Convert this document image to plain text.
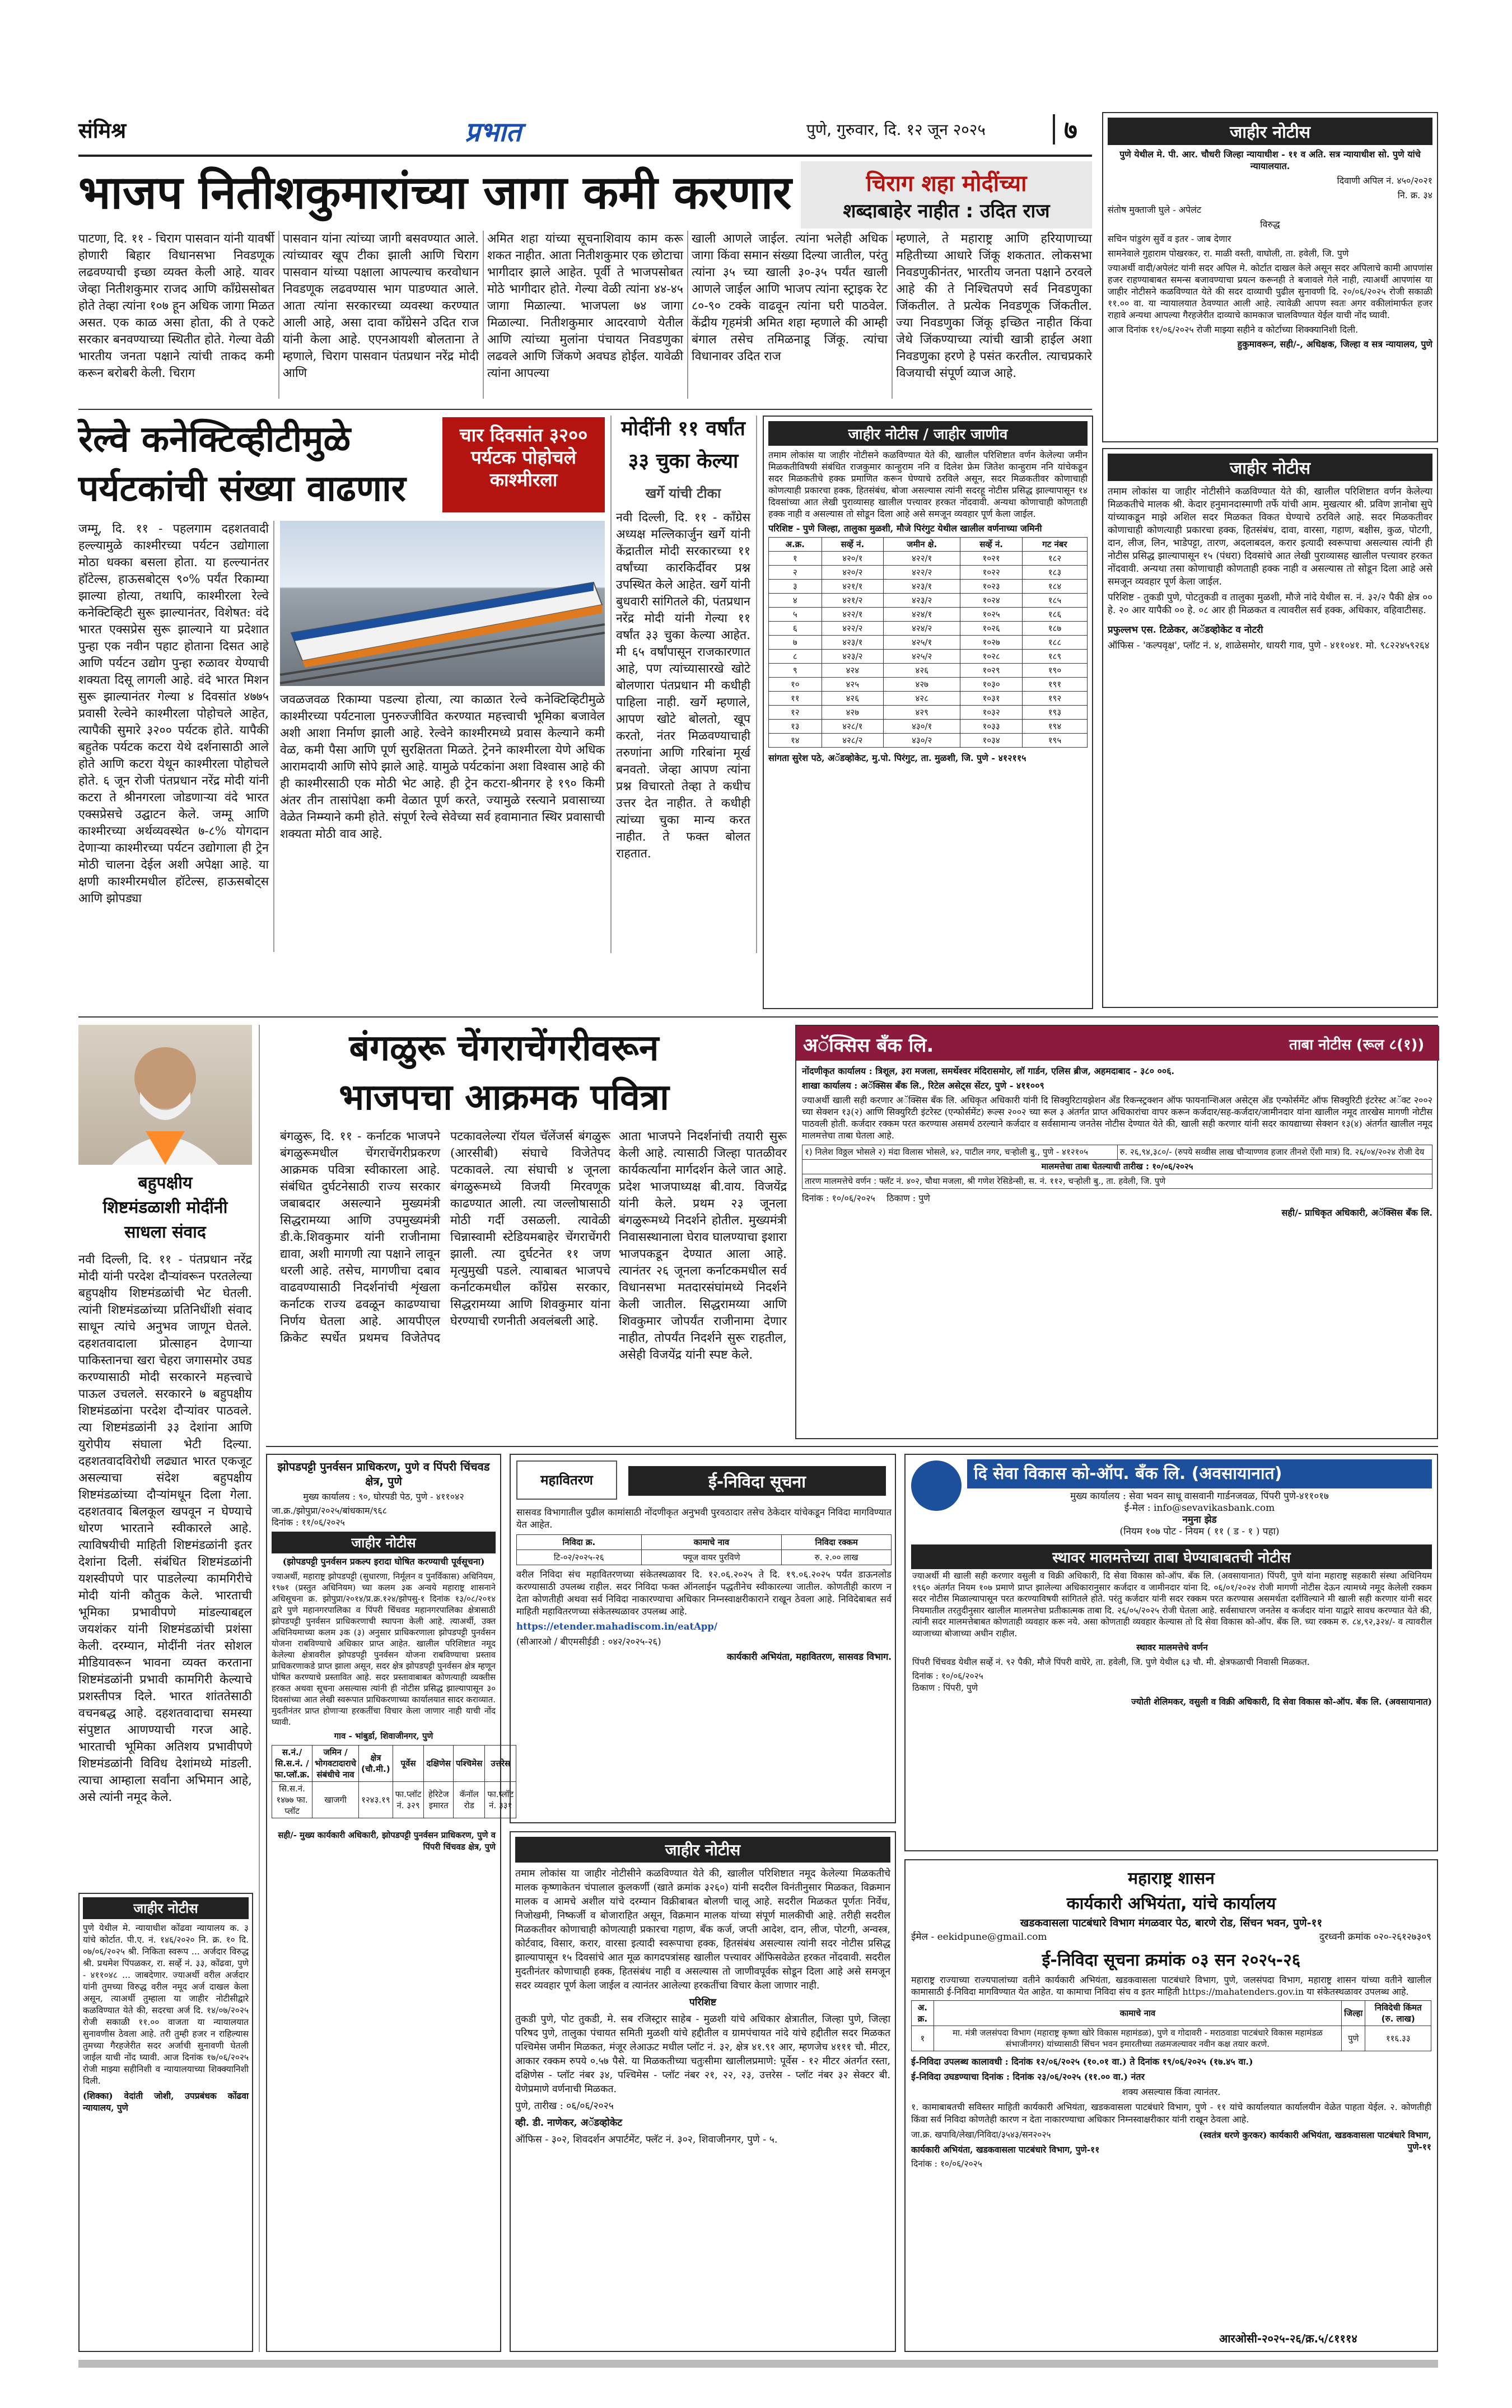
संमिश्र	प्रभात	पुणे, गुरुवार, दि. १२ जून २०२५	७
भाजप नितीशकुमारांच्या जागा कमी करणार	चिराग शहा मोदींच्या
शब्दाबाहेर नाहीत : उदित राज
पाटणा, दि. ११ - चिराग पासवान यांनी यावर्षी होणारी बिहार विधानसभा निवडणूक लढवण्याची इच्छा व्यक्त केली आहे. यावर जेव्हा नितीशकुमार राजद आणि काँग्रेससोबत होते तेव्हा त्यांना १०७ हून अधिक जागा मिळत असत. एक काळ असा होता, की ते एकटे सरकार बनवण्याच्या स्थितीत होते. गेल्या वेळी भारतीय जनता पक्षाने त्यांची ताकद कमी करून बरोबरी केली. चिराग
पासवान यांना त्यांच्या जागी बसवण्यात आले. त्यांच्यावर खूप टीका झाली आणि चिराग पासवान यांच्या पक्षाला आपल्याच करवोधान निवडणूक लढवण्यास भाग पाडण्यात आले. आता त्यांना सरकारच्या व्यवस्था करण्यात आली आहे, असा दावा काँग्रेसने उदित राज यांनी केला आहे. एएनआयशी बोलताना ते म्हणाले, चिराग पासवान पंतप्रधान नरेंद्र मोदी आणि
अमित शहा यांच्या सूचनाशिवाय काम करू शकत नाहीत. आता नितीशकुमार एक छोटाचा भागीदार झाले आहेत. पूर्वी ते भाजपसोबत मोठे भागीदार होते. गेल्या वेळी त्यांना ४४-४५ जागा मिळाल्या. भाजपला ७४ जागा मिळाल्या. नितीशकुमार आदरवाणे येतील आणि त्यांच्या मुलांना पंचायत निवडणुका लढवले आणि जिंकणे अवघड होईल. यावेळी त्यांना आपल्या
खाली आणले जाईल. त्यांना भलेही अधिक जागा किंवा समान संख्या दिल्या जातील, परंतु त्यांना ३५ च्या खाली ३०-३५ पर्यंत खाली आणले जाईल आणि भाजप त्यांना स्ट्राइक रेट ८०-९० टक्के वाढवून त्यांना घरी पाठवेल. केंद्रीय गृहमंत्री अमित शहा म्हणाले की आम्ही बंगाल तसेच तमिळनाडू जिंकू. त्यांचा विधानावर उदित राज
म्हणाले, ते महाराष्ट्र आणि हरियाणाच्या महितीच्या आधारे जिंकू शकतात. लोकसभा निवडणुकीनंतर, भारतीय जनता पक्षाने ठरवले आहे की ते निश्चितपणे सर्व निवडणुका जिंकतील. ते प्रत्येक निवडणूक जिंकतील. ज्या निवडणुका जिंकू इच्छित नाहीत किंवा जेथे जिंकण्याच्या त्यांची खात्री हाईल अशा निवडणुका हरणे हे पसंत करतील. त्याचप्रकारे विजयाची संपूर्ण व्याज आहे.
जाहीर नोटीस

पुणे येथील मे. पी. आर. चौधरी जिल्हा न्यायाधीश - ११ व अति. सत्र न्यायाधीश सो. पुणे यांचे न्यायालयात.

दिवाणी अपिल नं. ४५०/२०२१

नि. क्र. ३४

संतोष मुक्ताजी घुले - अपेलंट

विरुद्ध

सचिन पांडुरंग सुर्वे व इतर - जाब देणार

सामनेवाले गुहाराम पोखरकर, रा. माळी वस्ती, वाघोली, ता. हवेली, जि. पुणे

ज्याअर्थी वादी/अपेलंट यांनी सदर अपिल मे. कोर्टात दाखल केले असून सदर अपिलाचे कामी आपणांस हजर राहण्याबाबत समन्स बजावण्याचा प्रयत्न करूनही ते बजावले गेले नाही, त्याअर्थी आपणांस या जाहीर नोटीसने कळविण्यात येते की सदर दाव्याची पुढील सुनावणी दि. २०/०६/२०२५ रोजी सकाळी ११.०० वा. या न्यायालयात ठेवण्यात आली आहे. त्यावेळी आपण स्वतः अगर वकीलांमार्फत हजर राहावे अन्यथा आपल्या गैरहजेरीत दाव्याचे कामकाज चालविण्यात येईल याची नोंद घ्यावी.

आज दिनांक ११/०६/२०२५ रोजी माझ्या सहीने व कोर्टाच्या शिक्क्यानिशी दिली.

हुकुमावरून, सही/-, अधिक्षक, जिल्हा व सत्र न्यायालय, पुणे

रेल्वे कनेक्टिव्हीटीमुळे
पर्यटकांची संख्या वाढणार
चार दिवसांत ३२०० पर्यटक पोहोचले काश्मीरला
जम्मू, दि. ११ - पहलगाम दहशतवादी हल्ल्यामुळे काश्मीरच्या पर्यटन उद्योगाला मोठा धक्का बसला होता. या हल्ल्यानंतर हॉटेल्स, हाऊसबोट्स ९०% पर्यंत रिकाम्या झाल्या होत्या, तथापि, काश्मीरला रेल्वे कनेक्टिव्हिटी सुरू झाल्यानंतर, विशेषत: वंदे भारत एक्सप्रेस सुरू झाल्याने या प्रदेशात पुन्हा एक नवीन पहाट होताना दिसत आहे आणि पर्यटन उद्योग पुन्हा रुळावर येण्याची शक्यता दिसू लागली आहे. वंदे भारत मिशन सुरू झाल्यानंतर गेल्या ४ दिवसांत ४७७५ प्रवासी रेल्वेने काश्मीरला पोहोचले आहेत, त्यापैकी सुमारे ३२०० पर्यटक होते. यापैकी बहुतेक पर्यटक कटरा येथे दर्शनासाठी आले होते आणि कटरा येथून काश्मीरला पोहोचले होते. ६ जून रोजी पंतप्रधान नरेंद्र मोदी यांनी कटरा ते श्रीनगरला जोडणाऱ्या वंदे भारत एक्सप्रेसचे उद्घाटन केले. जम्मू आणि काश्मीरच्या अर्थव्यवस्थेत ७-८% योगदान देणाऱ्या काश्मीरच्या पर्यटन उद्योगाला ही ट्रेन मोठी चालना देईल अशी अपेक्षा आहे. या क्षणी काश्मीरमधील हॉटेल्स, हाऊसबोट्स आणि झोपड्या
जवळजवळ रिकाम्या पडल्या होत्या, त्या काळात रेल्वे कनेक्टिव्हिटीमुळे काश्मीरच्या पर्यटनाला पुनरुज्जीवित करण्यात महत्त्वाची भूमिका बजावेल अशी आशा निर्माण झाली आहे. रेल्वेने काश्मीरमध्ये प्रवास केल्याने कमी वेळ, कमी पैसा आणि पूर्ण सुरक्षितता मिळते. ट्रेनने काश्मीरला येणे अधिक आरामदायी आणि सोपे झाले आहे. यामुळे पर्यटकांना अशा विश्वास आहे की ही काश्मीरसाठी एक मोठी भेट आहे. ही ट्रेन कटरा-श्रीनगर हे १९० किमी अंतर तीन तासांपेक्षा कमी वेळात पूर्ण करते, ज्यामुळे रस्त्याने प्रवासाच्या वेळेत निम्म्याने कमी होते. संपूर्ण रेल्वे सेवेच्या सर्व हवामानात स्थिर प्रवासाची शक्यता मोठी वाव आहे.
मोदींनी ११ वर्षांत
३३ चुका केल्या
खर्गे यांची टीका
नवी दिल्ली, दि. ११ - काँग्रेस अध्यक्ष मल्लिकार्जुन खर्गे यांनी केंद्रातील मोदी सरकारच्या ११ वर्षांच्या कारकिर्दीवर प्रश्न उपस्थित केले आहेत. खर्गे यांनी बुधवारी सांगितले की, पंतप्रधान नरेंद्र मोदी यांनी गेल्या ११ वर्षांत ३३ चुका केल्या आहेत. मी ६५ वर्षांपासून राजकारणात आहे, पण त्यांच्यासारखे खोटे बोलणारा पंतप्रधान मी कधीही पाहिला नाही. खर्गे म्हणाले, आपण खोटे बोलतो, खूप करतो, नंतर मिळवण्याचाही तरुणांना आणि गरिबांना मूर्ख बनवतो. जेव्हा आपण त्यांना प्रश्न विचारतो तेव्हा ते कधीच उत्तर देत नाहीत. ते कधीही त्यांच्या चुका मान्य करत नाहीत. ते फक्त बोलत राहतात.
जाहीर नोटीस / जाहीर जाणीव

तमाम लोकांस या जाहीर नोटीसने कळविण्यात येते की, खालील परिशिष्टात वर्णन केलेल्या जमीन मिळकतीविषयी संबंधित राजकुमार कान्हुराम ननि व दिलेश फ्रेम जितेश कान्हुराम ननि यांचेकडून सदर मिळकतीचे हक्क प्रमाणित करून घेण्याचे ठरविले असून, सदर मिळकतीवर कोणाचाही कोणत्याही प्रकारचा हक्क, हितसंबंध, बोजा असल्यास त्यांनी सदरहू नोटीस प्रसिद्ध झाल्यापासून १४ दिवसांच्या आत लेखी पुराव्यासह खालील पत्त्यावर हरकत नोंदवावी. अन्यथा कोणाचाही कोणताही हक्क नाही व असल्यास तो सोडून दिला आहे असे समजून व्यवहार पूर्ण केला जाईल.

परिशिष्ट - पुणे जिल्हा, तालुका मुळशी, मौजे पिरंगुट येथील खालील वर्णनाच्या जमिनी

अ.क्र.	सर्व्हे नं.	जमीन क्षे.	सर्व्हे नं.	गट नंबर
१	४२०/१	४२२/१	१०२१	१८२
२	४२०/२	४२२/२	१०२२	१८३
३	४२१/१	४२३/१	१०२३	१८४
४	४२१/२	४२३/२	१०२४	१८५
५	४२२/१	४२४/१	१०२५	१८६
६	४२२/२	४२४/२	१०२६	१८७
७	४२३/१	४२५/१	१०२७	१८८
८	४२३/२	४२५/२	१०२८	१८९
९	४२४	४२६	१०२९	१९०
१०	४२५	४२७	१०३०	१९१
११	४२६	४२८	१०३१	१९२
१२	४२७	४२९	१०३२	१९३
१३	४२८/१	४३०/१	१०३३	१९४
१४	४२८/२	४३०/२	१०३४	१९५

सांगता सुरेश पठे, अॅडव्होकेट, मु.पो. पिरंगुट, ता. मुळशी, जि. पुणे - ४१२११५

जाहीर नोटीस

तमाम लोकांस या जाहीर नोटीसीने कळविण्यात येते की, खालील परिशिष्टात वर्णन केलेल्या मिळकतीचे मालक श्री. केदार हनुमानदास्माणी तर्फे यांची आम. मुखत्यार श्री. प्रविण ज्ञानोबा सुपे यांच्याकडून माझे अशिल सदर मिळकत विकत घेण्याचे ठरविले आहे. सदर मिळकतीवर कोणाचाही कोणत्याही प्रकारचा हक्क, हितसंबंध, दावा, वारसा, गहाण, बक्षीस, कुळ, पोटगी, दान, लीज, लिन, भाडेपट्टा, तारण, अदलाबदल, करार इत्यादी स्वरूपाचा असल्यास त्यांनी ही नोटीस प्रसिद्ध झाल्यापासून १५ (पंधरा) दिवसांचे आत लेखी पुराव्यासह खालील पत्त्यावर हरकत नोंदवावी. अन्यथा तसा कोणाचाही कोणताही हक्क नाही व असल्यास तो सोडून दिला आहे असे समजून व्यवहार पूर्ण केला जाईल.

परिशिष्ट - तुकडी पुणे, पोटतुकडी व तालुका मुळशी, मौजे नांदे येथील स. नं. ३२/२ पैकी क्षेत्र ०० हे. २० आर यापैकी ०० हे. ०८ आर ही मिळकत व त्यावरील सर्व हक्क, अधिकार, वहिवाटीसह.

प्रफुल्लभ एस. टिळेकर, अॅडव्होकेट व नोटरी

ऑफिस - 'कल्पवृक्ष', प्लॉट नं. ४, शाळेसमोर, धायरी गाव, पुणे - ४११०४१. मो. ९८२२४५९२६४

बंगळुरू चेंगराचेंगरीवरून
भाजपचा आक्रमक पवित्रा
बंगळुरू, दि. ११ - कर्नाटक भाजपने बंगळुरूमधील चेंगराचेंगरीप्रकरण आक्रमक पवित्रा स्वीकारला आहे. संबंधित दुर्घटनेसाठी राज्य सरकार जबाबदार असल्याने मुख्यमंत्री सिद्धरामय्या आणि उपमुख्यमंत्री डी.के.शिवकुमार यांनी राजीनामा द्यावा, अशी मागणी त्या पक्षाने लावून धरली आहे. तसेच, मागणीचा दबाव वाढवण्यासाठी निदर्शनांची शृंखला कर्नाटक राज्य ढवळून काढण्याचा निर्णय घेतला आहे. आयपीएल क्रिकेट स्पर्धेत प्रथमच विजेतेपद पटकावलेल्या रॉयल चॅलेंजर्स बंगळुरू (आरसीबी) संघाचे विजेतेपद पटकावले. त्या संघाची ४ जूनला बंगळुरूमध्ये विजयी मिरवणूक काढण्यात आली. त्या जल्लोषासाठी मोठी गर्दी उसळली. त्यावेळी चिन्नास्वामी स्टेडियमबाहेर चेंगराचेंगरी झाली. त्या दुर्घटनेत ११ जण मृत्युमुखी पडले. त्याबाबत भाजपचे कर्नाटकमधील काँग्रेस सरकार, सिद्धरामय्या आणि शिवकुमार यांना घेरण्याची रणनीती अवलंबली आहे.
आता भाजपने निदर्शनांची तयारी सुरू केली आहे. त्यासाठी जिल्हा पातळीवर कार्यकर्त्यांना मार्गदर्शन केले जात आहे. प्रदेश भाजपाध्यक्ष बी.वाय. विजयेंद्र यांनी केले. प्रथम २३ जूनला बंगळुरूमध्ये निदर्शने होतील. मुख्यमंत्री निवासस्थानाला घेराव घालण्याचा इशारा भाजपकडून देण्यात आला आहे. त्यानंतर २६ जूनला कर्नाटकमधील सर्व विधानसभा मतदारसंघांमध्ये निदर्शने केली जातील. सिद्धरामय्या आणि शिवकुमार जोपर्यंत राजीनामा देणार नाहीत, तोपर्यंत निदर्शने सुरू राहतील, असेही विजयेंद्र यांनी स्पष्ट केले.
बहुपक्षीय
शिष्टमंडळाशी मोदींनी
साधला संवाद
नवी दिल्ली, दि. ११ - पंतप्रधान नरेंद्र मोदी यांनी परदेश दौऱ्यांवरून परतलेल्या बहुपक्षीय शिष्टमंडळांची भेट घेतली. त्यांनी शिष्टमंडळांच्या प्रतिनिधींशी संवाद साधून त्यांचे अनुभव जाणून घेतले. दहशतवादाला प्रोत्साहन देणाऱ्या पाकिस्तानचा खरा चेहरा जगासमोर उघड करण्यासाठी मोदी सरकारने महत्त्वाचे पाऊल उचलले. सरकारने ७ बहुपक्षीय शिष्टमंडळांना परदेश दौऱ्यांवर पाठवले. त्या शिष्टमंडळांनी ३३ देशांना आणि युरोपीय संघाला भेटी दिल्या. दहशतवादविरोधी लढ्यात भारत एकजूट असल्याचा संदेश बहुपक्षीय शिष्टमंडळांच्या दौऱ्यांमधून दिला गेला. दहशतवाद बिलकूल खपवून न घेण्याचे धोरण भारताने स्वीकारले आहे. त्याविषयीची माहिती शिष्टमंडळांनी इतर देशांना दिली. संबंधित शिष्टमंडळांनी यशस्वीपणे पार पाडलेल्या कामगिरीचे मोदी यांनी कौतुक केले. भारताची भूमिका प्रभावीपणे मांडल्याबद्दल जयशंकर यांनी शिष्टमंडळांची प्रशंसा केली. दरम्यान, मोदींनी नंतर सोशल मीडियावरून भावना व्यक्त करताना शिष्टमंडळांनी प्रभावी कामगिरी केल्याचे प्रशस्तीपत्र दिले. भारत शांततेसाठी वचनबद्ध आहे. दहशतवादाचा समस्या संपुष्टात आणण्याची गरज आहे. भारताची भूमिका अतिशय प्रभावीपणे शिष्टमंडळांनी विविध देशांमध्ये मांडली. त्याचा आम्हाला सर्वांना अभिमान आहे, असे त्यांनी नमूद केले.
जाहीर नोटीस

पुणे येथील मे. न्यायाधीश कोंढवा न्यायालय क. ३ यांचे कोर्टात. पी.ए. नं. १४६/२०२० नि. क्र. १० दि. ०७/०६/२०२५ श्री. निकिता स्वरूप ... अर्जदार विरुद्ध श्री. प्रथमेश पिंपळकर, रा. सर्व्हे नं. ३३, कोंढवा, पुणे - ४११०४८ ... जाबदेणार. ज्याअर्थी वरील अर्जदार यांनी तुमच्या विरुद्ध वरील नमूद अर्ज दाखल केला असून, त्याअर्थी तुम्हाला या जाहीर नोटीसीद्वारे कळविण्यात येते की, सदरचा अर्ज दि. १४/०७/२०२५ रोजी सकाळी ११.०० वाजता या न्यायालयात सुनावणीस ठेवला आहे. तरी तुम्ही हजर न राहिल्यास तुमच्या गैरहजेरीत सदर अर्जाची सुनावणी घेतली जाईल याची नोंद घ्यावी. आज दिनांक १७/०६/२०२५ रोजी माझ्या सहीनिशी व न्यायालयाच्या शिक्क्यानिशी दिली.

(शिक्का) वेदांती जोशी, उपप्रबंधक कोंढवा न्यायालय, पुणे

अॅक्सिस बँक लि.	ताबा नोटीस (रूल ८(१))

नोंदणीकृत कार्यालय : त्रिशूल, ३रा मजला, समर्थेश्वर मंदिरासमोर, लॉ गार्डन, एलिस ब्रीज, अहमदाबाद - ३८० ००६.

शाखा कार्यालय : अॅक्सिस बँक लि., रिटेल असेट्स सेंटर, पुणे - ४११००९

ज्याअर्थी खाली सही करणार अॅक्सिस बँक लि. अधिकृत अधिकारी यांनी दि सिक्युरिटायझेशन अँड रिकन्स्ट्रक्शन ऑफ फायनान्शिअल असेट्स अँड एन्फोर्समेंट ऑफ सिक्युरिटी इंटरेस्ट अॅक्ट २००२ च्या सेक्शन १३(२) आणि सिक्युरिटी इंटरेस्ट (एन्फोर्समेंट) रूल्स २००२ च्या रूल ३ अंतर्गत प्राप्त अधिकारांचा वापर करून कर्जदार/सह-कर्जदार/जामीनदार यांना खालील नमूद तारखेस मागणी नोटीस पाठवली होती. कर्जदार रक्कम परत करण्यास असमर्थ ठरल्याने कर्जदार व सर्वसामान्य जनतेस नोटीस देण्यात येते की, खाली सही करणार यांनी सदर कायद्याच्या सेक्शन १३(४) अंतर्गत खालील नमूद मालमत्तेचा ताबा घेतला आहे.

१) निलेश विठ्ठल भोसले २) मंदा विलास भोसले, ४२, पाटील नगर, चऱ्होली बु., पुणे - ४१२१०५	रु. २६,९४,३८०/- (रुपये सव्वीस लाख चौऱ्याण्णव हजार तीनशे ऐंशी मात्र) दि. २६/०४/२०२४ रोजी देय
मालमत्तेचा ताबा घेतल्याची तारीख : १०/०६/२०२५
तारण मालमत्तेचे वर्णन : फ्लॅट नं. ४०२, चौथा मजला, श्री गणेश रेसिडेन्सी, स. नं. ११२, चऱ्होली बु., ता. हवेली, जि. पुणे

दिनांक : १०/०६/२०२५ ठिकाण : पुणे

सही/- प्राधिकृत अधिकारी, अॅक्सिस बँक लि.

झोपडपट्टी पुनर्वसन प्राधिकरण, पुणे व पिंपरी चिंचवड क्षेत्र, पुणे
मुख्य कार्यालय : ९०, घोरपडी पेठ, पुणे - ४११०४२
जा.क्र./झोपुप्रा/२०२५/बांधकाम/९६८
दिनांक : ११/०६/२०२५
जाहीर नोटीस
(झोपडपट्टी पुनर्वसन प्रकल्प इरादा घोषित करण्याची पूर्वसूचना)

ज्याअर्थी, महाराष्ट्र झोपडपट्टी (सुधारणा, निर्मूलन व पुनर्विकास) अधिनियम, १९७१ (प्रस्तुत अधिनियम) च्या कलम ३क अन्वये महाराष्ट्र शासनाने अधिसूचना क्र. झोपुप्रा/२०१४/प्र.क्र.१२४/झोपसु-१ दिनांक १३/०८/२०१४ द्वारे पुणे महानगरपालिका व पिंपरी चिंचवड महानगरपालिका क्षेत्रासाठी झोपडपट्टी पुनर्वसन प्राधिकरणाची स्थापना केली आहे. त्याअर्थी, उक्त अधिनियमाच्या कलम ३क (३) अनुसार प्राधिकरणाला झोपडपट्टी पुनर्वसन योजना राबविण्याचे अधिकार प्राप्त आहेत. खालील परिशिष्टात नमूद केलेल्या क्षेत्रावरील झोपडपट्टी पुनर्वसन योजना राबविण्याचा प्रस्ताव प्राधिकरणाकडे प्राप्त झाला असून, सदर क्षेत्र झोपडपट्टी पुनर्वसन क्षेत्र म्हणून घोषित करण्याचे प्रस्तावित आहे. सदर प्रस्तावाबाबत कोणत्याही व्यक्तीस हरकत अथवा सूचना असल्यास त्यांनी ही नोटीस प्रसिद्ध झाल्यापासून ३० दिवसांच्या आत लेखी स्वरूपात प्राधिकरणाच्या कार्यालयात सादर कराव्यात. मुदतीनंतर प्राप्त होणाऱ्या हरकतींचा विचार केला जाणार नाही याची नोंद घ्यावी.

गाव - भांबुर्डा, शिवाजीनगर, पुणे

स.नं./ सि.स.नं. / फा.प्लॉ.क्र.	जमिन / भोगवटादाराचे संबंधीचे नाव	क्षेत्र (चौ.मी.)	पूर्वेस	दक्षिणेस	पश्चिमेस	उत्तरेस
सि.स.नं. १४७७ फा. प्लॉट	खाजगी	१२४३.१९	फा.प्लॉट नं. ३२९	हेरिटेज इमारत	कॅनॉल रोड	फा.प्लॉट नं. ३३१

सही/- मुख्य कार्यकारी अधिकारी, झोपडपट्टी पुनर्वसन प्राधिकरण, पुणे व पिंपरी चिंचवड क्षेत्र, पुणे

महावितरण	ई-निविदा सूचना

सासवड विभागातील पुढील कामांसाठी नोंदणीकृत अनुभवी पुरवठादार तसेच ठेकेदार यांचेकडून निविदा मागविण्यात येत आहेत.

निविदा क्र.	कामाचे नाव	निविदा रक्कम
टि-०२/२०२५-२६	फ्यूज वायर पुरविणे	रु. २.०० लाख

वरील निविदा संच महावितरणच्या संकेतस्थळावर दि. १२.०६.२०२५ ते दि. १९.०६.२०२५ पर्यंत डाऊनलोड करण्यासाठी उपलब्ध राहील. सदर निविदा फक्त ऑनलाईन पद्धतीनेच स्वीकारल्या जातील. कोणतीही कारण न देता कोणतीही अथवा सर्व निविदा नाकारण्याचा अधिकार निम्नस्वाक्षरीकाराने राखून ठेवला आहे. निविदेबाबत सर्व माहिती महावितरणच्या संकेतस्थळावर उपलब्ध आहे.

https://etender.mahadiscom.in/eatApp/

(सीआरओ / बीएमसीईडी : ०४२/२०२५-२६)

कार्यकारी अभियंता, महावितरण, सासवड विभाग.

जाहीर नोटीस

तमाम लोकांस या जाहीर नोटीसीने कळविण्यात येते की, खालील परिशिष्टात नमूद केलेल्या मिळकतीचे मालक कृष्णाकेतन चंपालाल कुलकर्णी (खाते क्रमांक ३२६०) यांनी सदरील विनंतीनुसार मिळकत, विक्रमान मालक व आमचे अशील यांचे दरम्यान विक्रीबाबत बोलणी चालू आहे. सदरील मिळकत पूर्णतः निर्वेध, निजोखमी, निष्कर्जी व बोजाराहित असून, विक्रमान मालक यांच्या संपूर्ण मालकीची आहे. तरीही सदरील मिळकतीवर कोणाचाही कोणत्याही प्रकारचा गहाण, बँक कर्ज, जप्ती आदेश, दान, लीज, पोटगी, अन्वस्त्र, कोर्टवाद, विसार, करार, वारसा इत्यादी स्वरूपाचा हक्क, हितसंबंध असल्यास त्यांनी सदर नोटीस प्रसिद्ध झाल्यापासून १५ दिवसांचे आत मूळ कागदपत्रांसह खालील पत्त्यावर ऑफिसवेळेत हरकत नोंदवावी. सदरील मुदतीनंतर कोणाचाही हक्क, हितसंबंध नाही व असल्यास तो जाणीवपूर्वक सोडून दिला आहे असे समजून सदर व्यवहार पूर्ण केला जाईल व त्यानंतर आलेल्या हरकतींचा विचार केला जाणार नाही.

परिशिष्ट

तुकडी पुणे, पोट तुकडी, मे. सब रजिस्ट्रार साहेब - मुळशी यांचे अधिकार क्षेत्रातील, जिल्हा पुणे, जिल्हा परिषद पुणे, तालुका पंचायत समिती मुळशी यांचे हद्दीतील व ग्रामपंचायत नांदे यांचे हद्दीतील सदर मिळकत पश्चिमेस जमीन मिळकत, मंजूर लेआऊट मधील प्लॉट नं. ३२, क्षेत्र ४१.९१ आर, म्हणजेच ४१११ चौ. मीटर, आकार रक्कम रुपये ०.५७ पैसे. या मिळकतीच्या चतुःसीमा खालीलप्रमाणे: पूर्वेस - १२ मीटर अंतर्गत रस्ता, दक्षिणेस - प्लॉट नंबर ३४, पश्चिमेस - प्लॉट नंबर २१, २२, २३, उत्तरेस - प्लॉट नंबर ३२ सेक्टर बी. येणेप्रमाणे वर्णनाची मिळकत.

पुणे, तारीख : ०६/०६/२०२५

व्ही. डी. नाणेकर, अॅडव्होकेट

ऑफिस - ३०२, शिवदर्शन अपार्टमेंट, फ्लॅट नं. ३०२, शिवाजीनगर, पुणे - ५.

दि सेवा विकास को-ऑप. बँक लि. (अवसायानात)
मुख्य कार्यालय : सेवा भवन साधू वासवानी गार्डनजवळ, पिंपरी पुणे-४११०१७
ई-मेल : info@sevavikasbank.com
नमुना झेड
(नियम १०७ पोट - नियम ( ११ ( ड - १ ) पहा)
स्थावर मालमत्तेच्या ताबा घेण्याबाबतची नोटीस

ज्याअर्थी मी खाली सही करणार वसुली व विक्री अधिकारी, दि सेवा विकास को-ऑप. बँक लि. (अवसायानात) पिंपरी, पुणे यांना महाराष्ट्र सहकारी संस्था अधिनियम १९६० अंतर्गत नियम १०७ प्रमाणे प्राप्त झालेल्या अधिकारानुसार कर्जदार व जामीनदार यांना दि. ०६/०१/२०२४ रोजी मागणी नोटीस देऊन त्यामध्ये नमूद केलेली रक्कम सदर नोटीस मिळाल्यापासून परत करण्याविषयी सांगितले होते. परंतु कर्जदार यांनी सदर रक्कम परत करण्यास असमर्थता दर्शविल्याने मी खाली सही करणार यांनी सदर नियमातील तरतुदीनुसार खालील मालमत्तेचा प्रतीकात्मक ताबा दि. २६/०५/२०२५ रोजी घेतला आहे. सर्वसाधारण जनतेस व कर्जदार यांना याद्वारे सावध करण्यात येते की, त्यांनी सदर मालमत्तेबाबत कोणताही व्यवहार करू नये. असा कोणताही व्यवहार केल्यास तो दि सेवा विकास को-ऑप. बँक लि. च्या रक्कम रु. ८४,९२,३२४/- व त्यावरील व्याजाच्या बोजाच्या अधीन राहील.

स्थावर मालमत्तेचे वर्णन

पिंपरी चिंचवड येथील सर्व्हे नं. ९२ पैकी, मौजे पिंपरी वाघेरे, ता. हवेली, जि. पुणे येथील ६३ चौ. मी. क्षेत्रफळाची निवासी मिळकत.

दिनांक : १०/०६/२०२५
ठिकाण : पिंपरी, पुणे

ज्योती शेलिमकर, वसुली व विक्री अधिकारी, दि सेवा विकास को-ऑप. बँक लि. (अवसायानात)

महाराष्ट्र शासन
कार्यकारी अभियंता, यांचे कार्यालय
खडकवासला पाटबंधारे विभाग मंगळवार पेठ, बारणे रोड, सिंचन भवन, पुणे-११
ईमेल - eekidpune@gmail.com	दुरध्वनी क्रमांक ०२०-२६१२७३०९
ई-निविदा सूचना क्रमांक ०३ सन २०२५-२६

महाराष्ट्र राज्याच्या राज्यपालांच्या वतीने कार्यकारी अभियंता, खडकवासला पाटबंधारे विभाग, पुणे, जलसंपदा विभाग, महाराष्ट्र शासन यांच्या वतीने खालील कामासाठी ई-निविदा मागविण्यात येत आहेत. या कामाचा निविदा संच व इतर माहिती https://mahatenders.gov.in या संकेतस्थळावर उपलब्ध आहे.

अ. क्र.	कामाचे नाव	जिल्हा	निविदेची किंमत (रु. लाख)
१	मा. मंत्री जलसंपदा विभाग (महाराष्ट्र कृष्णा खोरे विकास महामंडळ), पुणे व गोदावरी - मराठवाडा पाटबंधारे विकास महामंडळ संभाजीनगर) यांच्यासाठी सिंचन भवन इमारतीच्या तळमजल्यावर नवीन कक्ष तयार करणे.	पुणे	११६.३३

ई-निविदा उपलब्ध कालावधी : दिनांक १२/०६/२०२५ (१०.०१ वा.) ते दिनांक १९/०६/२०२५ (१७.४५ वा.)

ई-निविदा उघडण्याचा दिनांक : दिनांक २३/०६/२०२५ (११.०० वा.) नंतर

शक्य असल्यास किंवा त्यानंतर.

१. कामाबाबतची सविस्तर माहिती कार्यकारी अभियंता, खडकवासला पाटबंधारे विभाग, पुणे - ११ यांचे कार्यालयात कार्यालयीन वेळेत पाहता येईल. २. कोणतीही किंवा सर्व निविदा कोणतेही कारण न देता नाकारण्याचा अधिकार निम्नस्वाक्षरीकार यांनी राखून ठेवला आहे.

जा.क्र. खपावि/लेखा/निविदा/३५४३/सन२०२५

कार्यकारी अभियंता, खडकवासला पाटबंधारे विभाग, पुणे-११

दिनांक : १०/०६/२०२५

(स्वतंत्र धरणे कुरकर) कार्यकारी अभियंता, खडकवासला पाटबंधारे विभाग, पुणे-११

आरओसी-२०२५-२६/क्र.५/८१११४
